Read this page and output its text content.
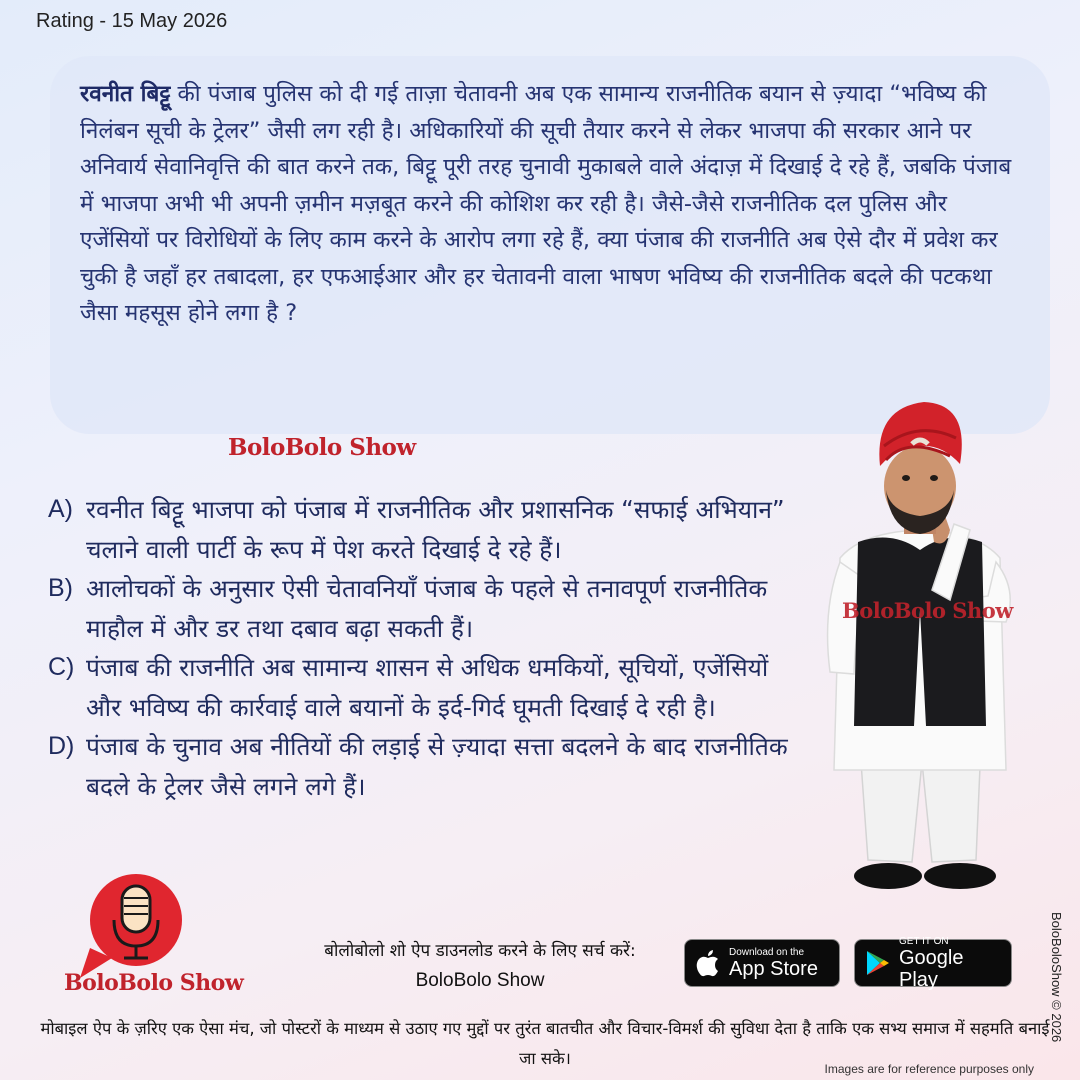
Rating - 15 May 2026

रवनीत बिट्टू की पंजाब पुलिस को दी गई ताज़ा चेतावनी अब एक सामान्य राजनीतिक बयान से ज़्यादा “भविष्य की निलंबन सूची के ट्रेलर” जैसी लग रही है। अधिकारियों की सूची तैयार करने से लेकर भाजपा की सरकार आने पर अनिवार्य सेवानिवृत्ति की बात करने तक, बिट्टू पूरी तरह चुनावी मुकाबले वाले अंदाज़ में दिखाई दे रहे हैं, जबकि पंजाब में भाजपा अभी भी अपनी ज़मीन मज़बूत करने की कोशिश कर रही है। जैसे-जैसे राजनीतिक दल पुलिस और एजेंसियों पर विरोधियों के लिए काम करने के आरोप लगा रहे हैं, क्या पंजाब की राजनीति अब ऐसे दौर में प्रवेश कर चुकी है जहाँ हर तबादला, हर एफआईआर और हर चेतावनी वाला भाषण भविष्य की राजनीतिक बदले की पटकथा जैसा महसूस होने लगा है ?

BoloBolo Show
A) रवनीत बिट्टू भाजपा को पंजाब में राजनीतिक और प्रशासनिक “सफाई अभियान” चलाने वाली पार्टी के रूप में पेश करते दिखाई दे रहे हैं।
B) आलोचकों के अनुसार ऐसी चेतावनियाँ पंजाब के पहले से तनावपूर्ण राजनीतिक माहौल में और डर तथा दबाव बढ़ा सकती हैं।
C) पंजाब की राजनीति अब सामान्य शासन से अधिक धमकियों, सूचियों, एजेंसियों और भविष्य की कार्रवाई वाले बयानों के इर्द-गिर्द घूमती दिखाई दे रही है।
D) पंजाब के चुनाव अब नीतियों की लड़ाई से ज़्यादा सत्ता बदलने के बाद राजनीतिक बदले के ट्रेलर जैसे लगने लगे हैं।
BoloBolo Show
BoloBolo Show
बोलोबोलो शो ऐप डाउनलोड करने के लिए सर्च करें:
BoloBolo Show
Download on the
App Store
GET IT ON
Google Play
मोबाइल ऐप के ज़रिए एक ऐसा मंच, जो पोस्टरों के माध्यम से उठाए गए मुद्दों पर तुरंत बातचीत और विचार-विमर्श की सुविधा देता है ताकि एक सभ्य समाज में सहमति बनाई जा सके।
Images are for reference purposes only
BoloBoloShow © 2026
